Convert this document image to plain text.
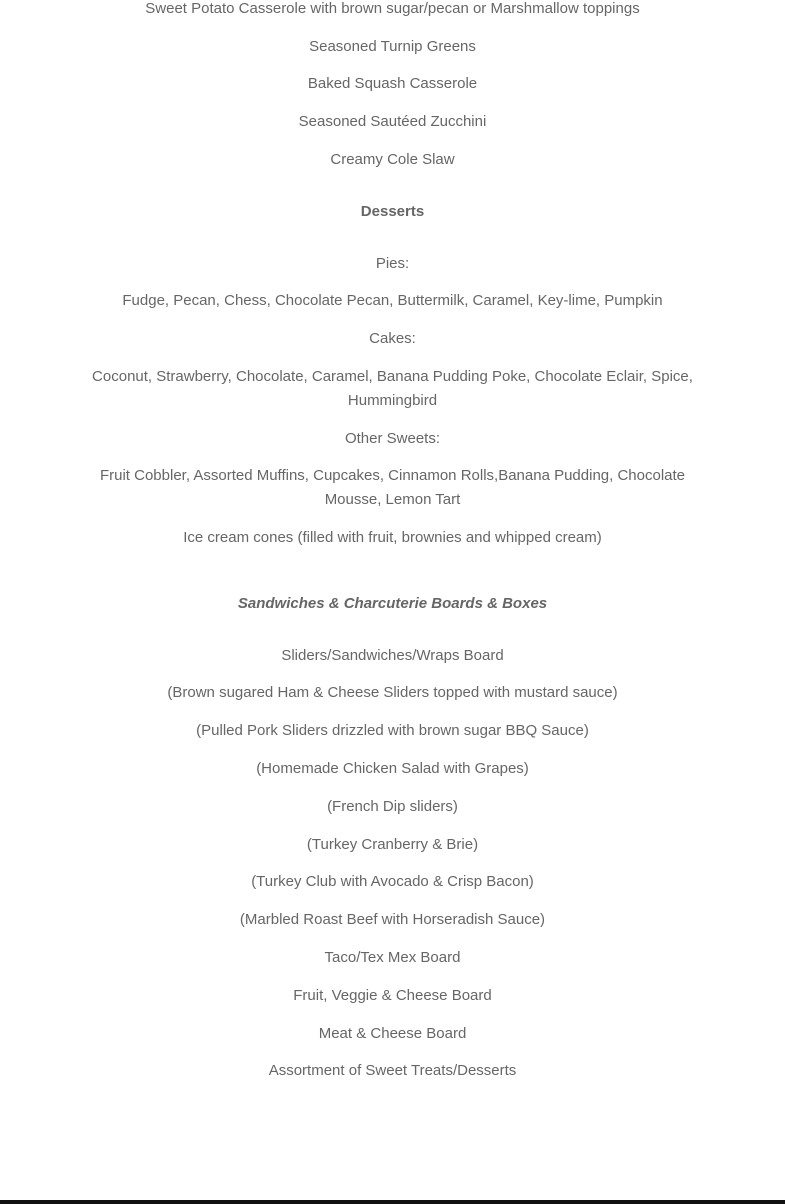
Sweet Potato Casserole with brown sugar/pecan or Marshmallow toppings

Seasoned Turnip Greens

Baked Squash Casserole

Seasoned Sautéed Zucchini

Creamy Cole Slaw

Desserts

Pies:

Fudge, Pecan, Chess, Chocolate Pecan, Buttermilk, Caramel, Key-lime, Pumpkin

Cakes:

Coconut, Strawberry, Chocolate, Caramel, Banana Pudding Poke, Chocolate Eclair, Spice, Hummingbird

Other Sweets:

Fruit Cobbler, Assorted Muffins, Cupcakes, Cinnamon Rolls,Banana Pudding, Chocolate Mousse, Lemon Tart

Ice cream cones (filled with fruit, brownies and whipped cream)

Sandwiches & Charcuterie Boards & Boxes

Sliders/Sandwiches/Wraps Board

(Brown sugared Ham & Cheese Sliders topped with mustard sauce)

(Pulled Pork Sliders drizzled with brown sugar BBQ Sauce)

(Homemade Chicken Salad with Grapes)

(French Dip sliders)

(Turkey Cranberry & Brie)

(Turkey Club with Avocado & Crisp Bacon)

(Marbled Roast Beef with Horseradish Sauce)

Taco/Tex Mex Board

Fruit, Veggie & Cheese Board

Meat & Cheese Board

Assortment of Sweet Treats/Desserts
